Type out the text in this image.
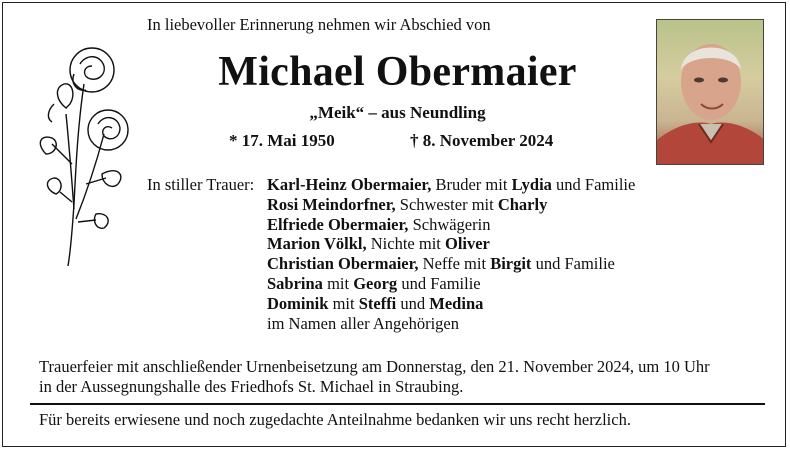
In liebevoller Erinnerung nehmen wir Abschied von
Michael Obermaier
„Meik“ – aus Neundling
* 17. Mai 1950	† 8. November 2024
In stiller Trauer: Karl-Heinz Obermaier, Bruder mit Lydia und Familie
Rosi Meindorfner, Schwester mit Charly
Elfriede Obermaier, Schwägerin
Marion Völkl, Nichte mit Oliver
Christian Obermaier, Neffe mit Birgit und Familie
Sabrina mit Georg und Familie
Dominik mit Steffi und Medina
im Namen aller Angehörigen
Trauerfeier mit anschließender Urnenbeisetzung am Donnerstag, den 21. November 2024, um 10 Uhr
in der Aussegnungshalle des Friedhofs St. Michael in Straubing.
Für bereits erwiesene und noch zugedachte Anteilnahme bedanken wir uns recht herzlich.
